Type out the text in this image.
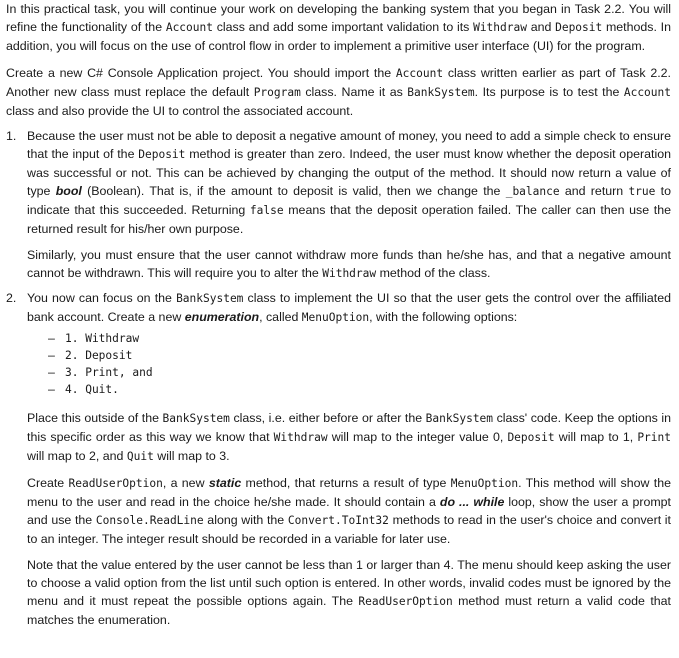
In this practical task, you will continue your work on developing the banking system that you began in Task 2.2. You will refine the functionality of the Account class and add some important validation to its Withdraw and Deposit methods. In addition, you will focus on the use of control flow in order to implement a primitive user interface (UI) for the program.

Create a new C# Console Application project. You should import the Account class written earlier as part of Task 2.2. Another new class must replace the default Program class. Name it as BankSystem. Its purpose is to test the Account class and also provide the UI to control the associated account.

1. Because the user must not be able to deposit a negative amount of money, you need to add a simple check to ensure that the input of the Deposit method is greater than zero. Indeed, the user must know whether the deposit operation was successful or not. This can be achieved by changing the output of the method. It should now return a value of type bool (Boolean). That is, if the amount to deposit is valid, then we change the _balance and return true to indicate that this succeeded. Returning false means that the deposit operation failed. The caller can then use the returned result for his/her own purpose.

Similarly, you must ensure that the user cannot withdraw more funds than he/she has, and that a negative amount cannot be withdrawn. This will require you to alter the Withdraw method of the class.

2. You now can focus on the BankSystem class to implement the UI so that the user gets the control over the affiliated bank account. Create a new enumeration, called MenuOption, with the following options:

– 1. Withdraw
– 2. Deposit
– 3. Print, and
– 4. Quit.

Place this outside of the BankSystem class, i.e. either before or after the BankSystem class' code. Keep the options in this specific order as this way we know that Withdraw will map to the integer value 0, Deposit will map to 1, Print will map to 2, and Quit will map to 3.

Create ReadUserOption, a new static method, that returns a result of type MenuOption. This method will show the menu to the user and read in the choice he/she made. It should contain a do ... while loop, show the user a prompt and use the Console.ReadLine along with the Convert.ToInt32 methods to read in the user's choice and convert it to an integer. The integer result should be recorded in a variable for later use.

Note that the value entered by the user cannot be less than 1 or larger than 4. The menu should keep asking the user to choose a valid option from the list until such option is entered. In other words, invalid codes must be ignored by the menu and it must repeat the possible options again. The ReadUserOption method must return a valid code that matches the enumeration.
